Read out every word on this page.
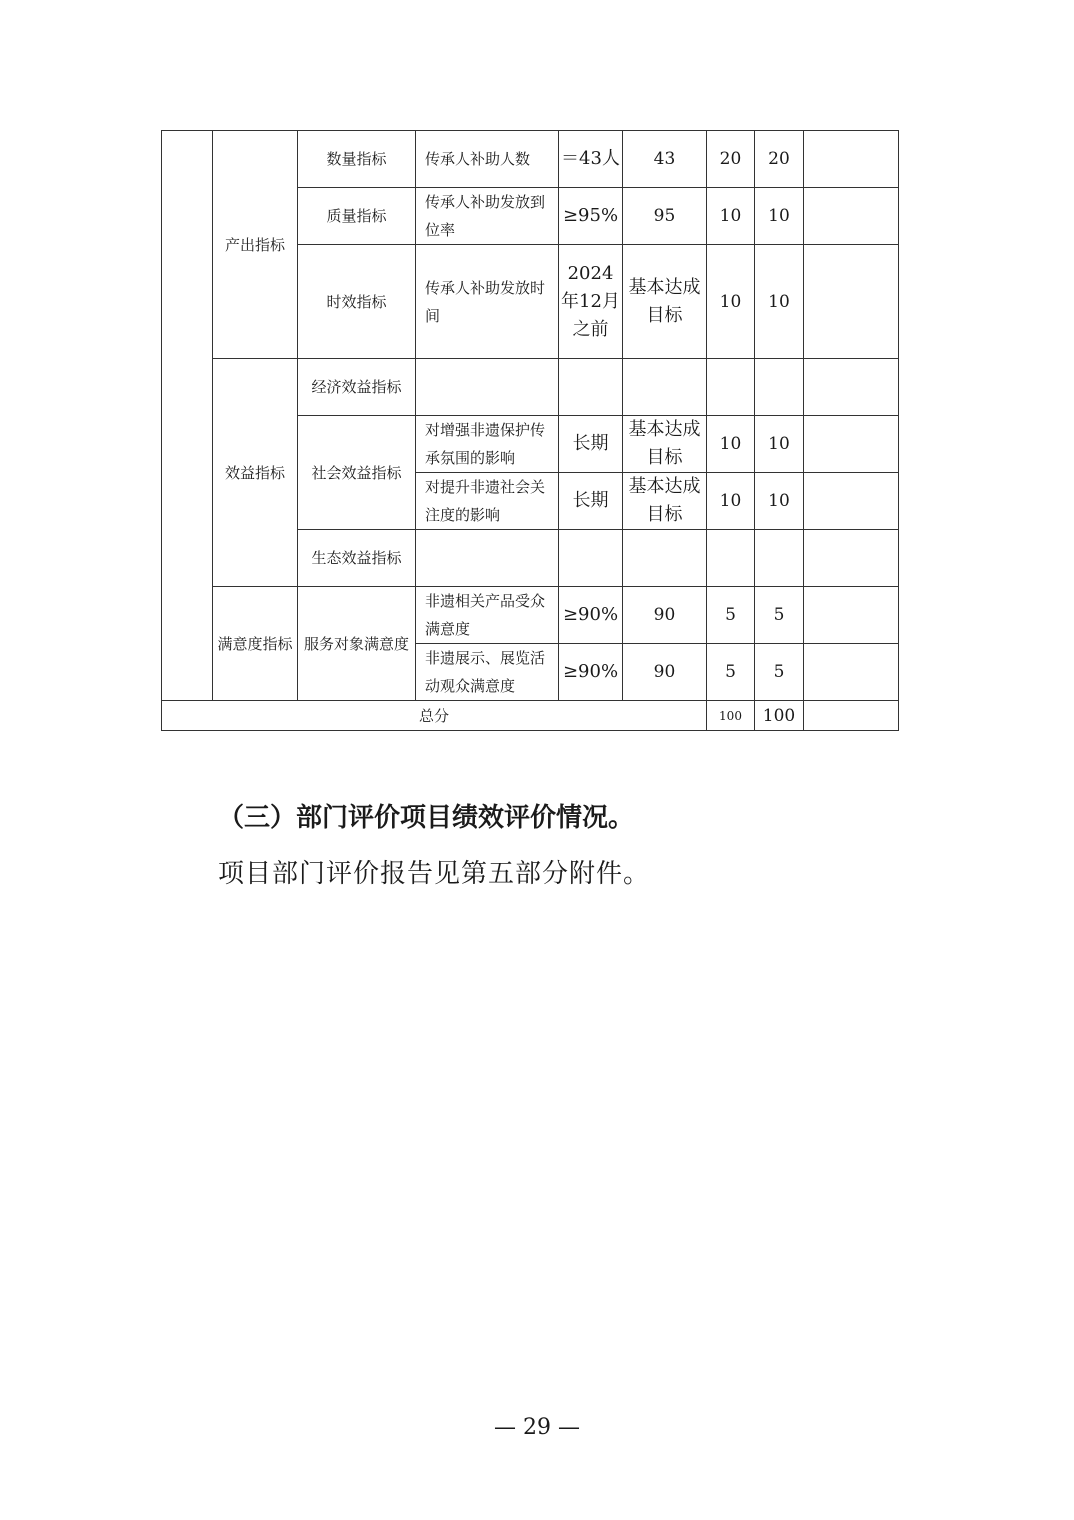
	产出指标	数量指标	传承人补助人数	＝43人	43	20	20	
		质量指标	传承人补助发放到位率	≥95%	95	10	10	
		时效指标	传承人补助发放时间	2024年12月之前	基本达成目标	10	10	
	效益指标	经济效益指标						
		社会效益指标	对增强非遗保护传承氛围的影响	长期	基本达成目标	10	10	
			对提升非遗社会关注度的影响	长期	基本达成目标	10	10	
		生态效益指标						
	满意度指标	服务对象满意度	非遗相关产品受众满意度	≥90%	90	5	5	
			非遗展示、展览活动观众满意度	≥90%	90	5	5	
总分						100	100	
（三）部门评价项目绩效评价情况。

项目部门评价报告见第五部分附件。

— 29 —
